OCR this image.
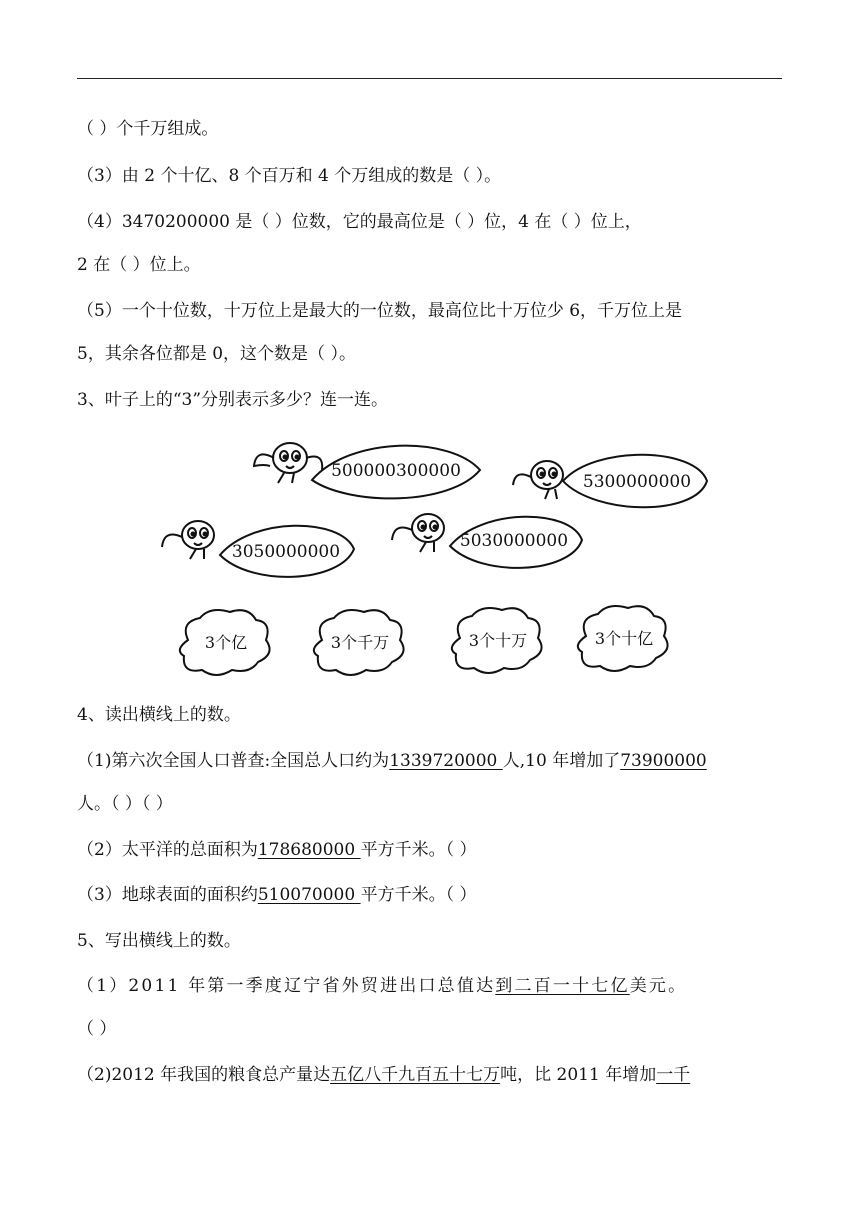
（ ）个千万组成。
（3）由 2 个十亿、8 个百万和 4 个万组成的数是（ ）。
（4）3470200000 是（ ）位数，它的最高位是（ ）位，4 在（ ）位上，
2 在（ ）位上。
（5）一个十位数，十万位上是最大的一位数，最高位比十万位少 6，千万位上是
5，其余各位都是 0，这个数是（ ）。
3、叶子上的“3”分别表示多少？连一连。
500000300000
5300000000
3050000000
5030000000
3个亿	3个千万	3个十万	3个十亿
4、读出横线上的数。
（1)第六次全国人口普查:全国总人口约为1339720000 人,10 年增加了73900000
人。（ ）（ ）
（2）太平洋的总面积为178680000 平方千米。（ ）
（3）地球表面的面积约510070000 平方千米。（ ）
5、写出横线上的数。
（1）2011 年第一季度辽宁省外贸进出口总值达到二百一十七亿美元。
（ ）
（2)2012 年我国的粮食总产量达五亿八千九百五十七万吨，比 2011 年增加一千
